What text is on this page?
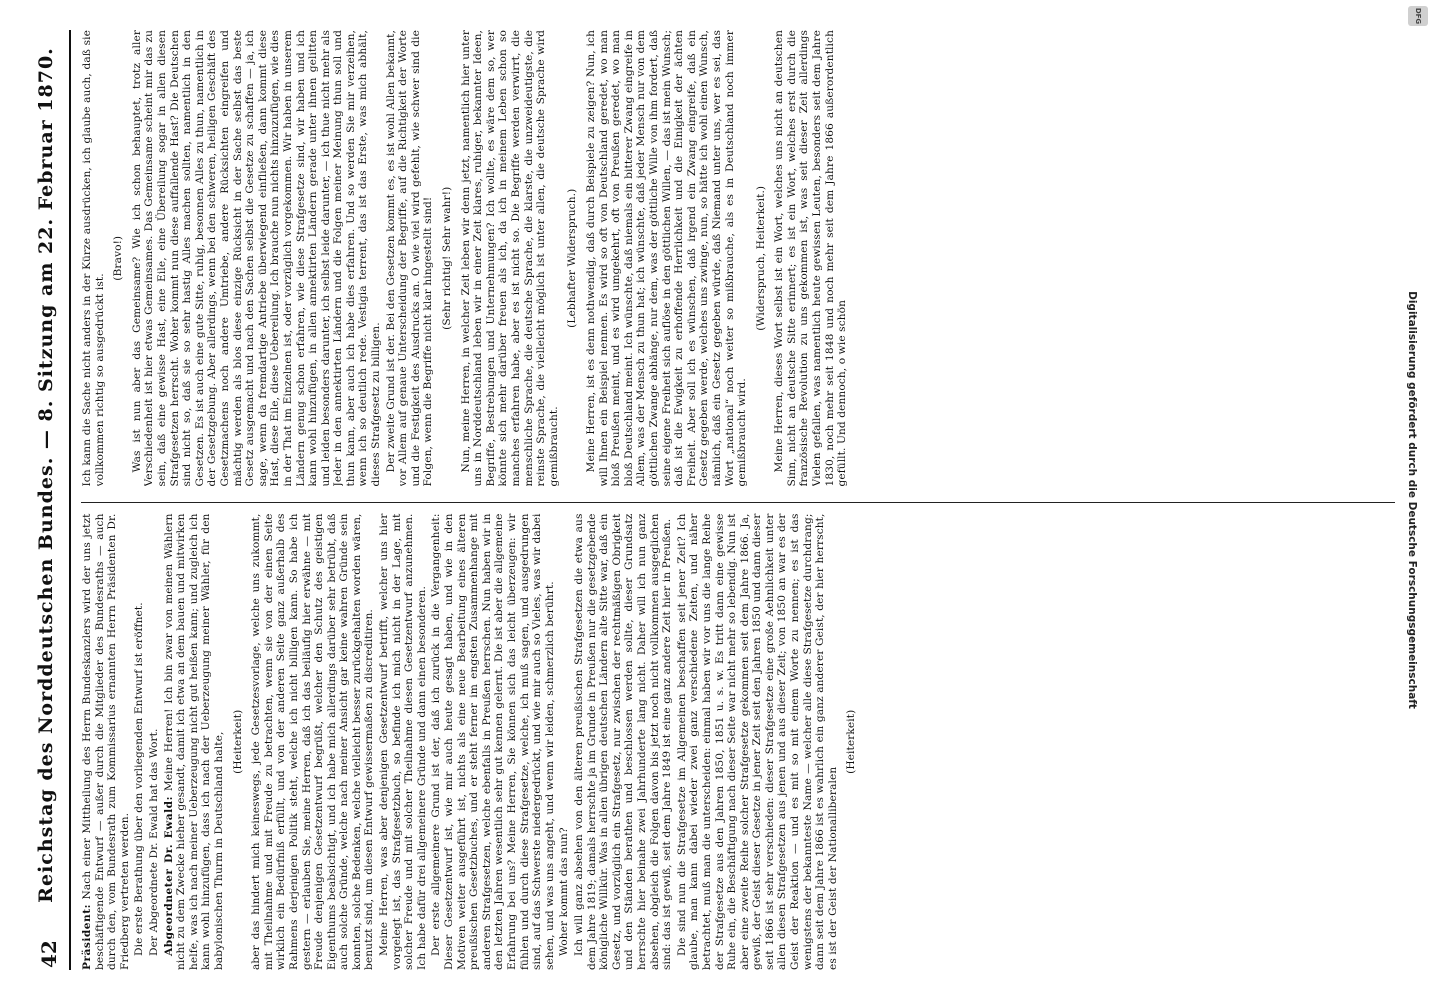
42
Reichstag des Norddeutschen Bundes. — 8. Sitzung am 22. Februar 1870.

Präsident: Nach einer Mittheilung des Herrn Bundeskanzlers wird der uns jetzt beschäftigende Entwurf — außer durch die Mitglieder des Bundesraths — auch durch den, vom Bundesrath zum Kommissarius ernannten Herrn Präsidenten Dr. Friedberg vertreten werden. Die erste Berathung über den vorliegenden Entwurf ist eröffnet. Der Abgeordnete Dr. Ewald hat das Wort. Abgeordneter Dr. Ewald: Meine Herren! Ich bin zwar von meinen Wählern nicht zu dem Zwecke hieher gesandt, damit ich etwa an dem bauen und mitwirken helfe, was ich nach meiner Ueberzeugung nicht gut heißen kann; und zugleich ich kann wohl hinzufügen, dass ich nach der Ueberzeugung meiner Wähler, für den babylonischen Thurm in Deutschland halte, (Heiterkeit) aber das hindert mich keineswegs, jede Gesetzesvorlage, welche uns zukommt, mit Theilnahme und mit Freude zu betrachten, wenn sie von der einen Seite wirklich ein Bedürfniß erfüllt, und von der anderen Seite ganz außerhalb des Rahmens derjenigen Politik steht, welche ich nicht billigen kann. So habe ich gestern — erlauben Sie, meine Herren, daß ich das beiläufig hier erwähne — mit Freude denjenigen Gesetzentwurf begrüßt, welcher den Schutz des geistigen Eigenthums beabsichtigt, und ich habe mich allerdings darüber sehr betrübt, daß auch solche Gründe, welche nach meiner Ansicht gar keine wahren Gründe sein konnten, solche Bedenken, welche vielleicht besser zurückgehalten worden wären, benutzt sind, um diesen Entwurf gewissermaßen zu discreditiren. Meine Herren, was aber denjenigen Gesetzentwurf betrifft, welcher uns hier vorgelegt ist, das Strafgesetzbuch, so befinde ich mich nicht in der Lage, mit solcher Freude und mit solcher Theilnahme diesen Gesetzentwurf anzunehmen. Ich habe dafür drei allgemeinere Gründe und dann einen besonderen. Der erste allgemeinere Grund ist der, daß ich zurück in die Vergangenheit: Dieser Gesetzentwurf ist, wie mir auch heute gesagt haben, und wie in den Motiven weiter ausgeführt ist, nichts als eine neue Bearbeitung eines älteren preußischen Gesetzbuches, und er steht ferner im engsten Zusammenhange mit anderen Strafgesetzen, welche ebenfalls in Preußen herrschen. Nun haben wir in den letzten Jahren wesentlich sehr gut kennen gelernt. Die ist aber die allgemeine Erfahrung bei uns? Meine Herren, Sie können sich das leicht überzeugen: wir fühlen und durch diese Strafgesetze, welche, ich muß sagen, und ausgedrungen sind, auf das Schwerste niedergedrückt, und wie mir auch so Vieles, was wir dabei sehen, und was uns angeht, und wenn wir leiden, schmerzlich berührt. Woher kommt das nun? Ich will ganz absehen von den älteren preußischen Strafgesetzen die etwa aus dem Jahre 1819; damals herrschte ja im Grunde in Preußen nur die gesetzgebende königliche Willkür. Was in allen übrigen deutschen Ländern alte Sitte war, daß ein Gesetz, und vorzüglich ein Strafgesetz, nur zwischen der rechtmäßigen Obrigkeit und den Ständen berathen und beschlossen werden sollte, dieser Grundsatz herrschte hier beinahe zwei Jahrhunderte lang nicht. Daher will ich nun ganz absehen, obgleich die Folgen davon bis jetzt noch nicht vollkommen ausgeglichen sind: das ist gewiß, seit dem Jahre 1849 ist eine ganz andere Zeit hier in Preußen. Die sind nun die Strafgesetze im Allgemeinen beschaffen seit jener Zeit? Ich glaube, man kann dabei wieder zwei ganz verschiedene Zeiten, und näher betrachtet, muß man die unterscheiden: einmal haben wir vor uns die lange Reihe der Strafgesetze aus den Jahren 1850, 1851 u. s. w. Es tritt dann eine gewisse Ruhe ein, die Beschäftigung nach dieser Seite war nicht mehr so lebendig. Nun ist aber eine zweite Reihe solcher Strafgesetze gekommen seit dem Jahre 1866. Ja, gewiß, der Geist dieser Gesetze in jener Zeit seit den Jahren 1850 und dann dieser seit 1866 ist sehr verschieden: dieser Strafgesetze eine große Aehnlichkeit unter allen diesen Strafgesetzen aus jenen und aus dieser Zeit; von 1850 an war es der Geist der Reaktion — und es mit so mit einem Worte zu nennen; es ist das wenigstens der bekannteste Name — welcher alle diese Strafgesetze durchdrang; dann seit dem Jahre 1866 ist es wahrlich ein ganz anderer Geist, der hier herrscht, es ist der Geist der Nationalliberalen

(Heiterkeit)

Ich kann die Sache nicht anders in der Kürze ausdrücken, ich glaube auch, daß sie vollkommen richtig so ausgedrückt ist.

(Bravo!) Was ist nun aber das Gemeinsame? Wie ich schon behauptet, trotz aller Verschiedenheit ist hier etwas Gemeinsames. Das Gemeinsame scheint mir das zu sein, daß eine gewisse Hast, eine Eile, eine Übereilung sogar in allen diesen Strafgesetzen herrscht. Woher kommt nun diese auffallende Hast? Die Deutschen sind nicht so, daß sie so sehr hastig Alles machen sollten, namentlich in den Gesetzen. Es ist auch eine gute Sitte, ruhig, besonnen Alles zu thun, namentlich in der Gesetzgebung. Aber allerdings, wenn bei den schweren, heiligen Geschäft des Gesetzmachens noch andere Umtriebe, andere Rücksichten eingreifen und mächtig werden als blos diese einzige Rücksicht in der Sache selbst das beste Gesetz ausgemacht und nach den Sachen selbst die Gesetze zu schaffen — ja, ich sage, wenn da fremdartige Antriebe überwiegend einfließen, dann kommt diese Hast, diese Eile, diese Uebereilung. Ich brauche nun nichts hinzuzufügen, wie dies in der That im Einzelnen ist, oder vorzüglich vorgekommen. Wir haben in unserem Ländern genug schon erfahren, wie diese Strafgesetze sind, wir haben und ich kann wohl hinzufügen, in allen annektirten Ländern gerade unter ihnen gelitten und leiden besonders darunter, ich selbst leide darunter, — ich thue nicht mehr als Jeder in den annektirten Ländern und die Folgen meiner Meinung thun soll und thun kann, aber auch ich habe dies erfahren. Und so werden Sie mir verzeihen, wenn ich so deutlich rede. Vestigia terrent, das ist das Erste, was mich abhält, dieses Strafgesetz zu billigen. Der zweite Grund ist der. Bei den Gesetzen kommt es, es ist wohl Allen bekannt, vor Allem auf genaue Unterscheidung der Begriffe, auf die Richtigkeit der Worte und die Festigkeit des Ausdrucks an. O wie viel wird gefehlt, wie schwer sind die Folgen, wenn die Begriffe nicht klar hingestellt sind! (Sehr richtig! Sehr wahr!) Nun, meine Herren, in welcher Zeit leben wir denn jetzt, namentlich hier unter uns in Norddeutschland leben wir in einer Zeit klares, ruhiger, bekannter Ideen, Begriffe, Bestrebungen und Unternehmungen? Ich wollte, es wäre dem so, wer könnte sich mehr darüber freuen als ich, da ich in meinem Leben schon so manches erfahren habe, aber es ist nicht so. Die Begriffe werden verwirrt, die menschliche Sprache, die deutsche Sprache, die klarste, die unzweideutigste, die reinste Sprache, die vielleicht möglich ist unter allen, die deutsche Sprache wird gemißbraucht.

(Lebhafter Widerspruch.) Meine Herren, ist es denn nothwendig, daß durch Beispiele zu zeigen? Nun, ich will Ihnen ein Beispiel nennen. Es wird so oft von Deutschland geredet, wo man bloß Preußen meint, und es wird umgekehrt, oft von Preußen geredet, wo man bloß Deutschland meint. Ich wünschte, daß niemals ein bitterer Zwang eingreife in Allem, was der Mensch zu thun hat; ich wünschte, daß jeder Mensch nur von dem göttlichen Zwange abhänge, nur dem, was der göttliche Wille von ihm fordert, daß seine eigene Freiheit sich auflöse in den göttlichen Willen, — das ist mein Wunsch; daß ist die Ewigkeit zu erhoffende Herrlichkeit und die Einigkeit der ächten Freiheit. Aber soll ich es wünschen, daß irgend ein Zwang eingreife, daß ein Gesetz gegeben werde, welches uns zwinge, nun, so hätte ich wohl einen Wunsch, nämlich, daß ein Gesetz gegeben würde, daß Niemand unter uns, wer es sei, das Wort „national“ noch weiter so mißbrauche, als es in Deutschland noch immer gemißbraucht wird.

(Widerspruch, Heiterkeit.) Meine Herren, dieses Wort selbst ist ein Wort, welches uns nicht an deutschen Sinn, nicht an deutsche Sitte erinnert; es ist ein Wort, welches erst durch die französische Revolution zu uns gekommen ist, was seit dieser Zeit allerdings Vielen gefallen, was namentlich heute gewissen Leuten, besonders seit dem Jahre 1830, noch mehr seit 1848 und noch mehr seit dem Jahre 1866 außerordentlich gefüllt. Und dennoch, o wie schön	Digitalisierung gefördert durch die Deutsche Forschungsgemeinschaft
DFG
